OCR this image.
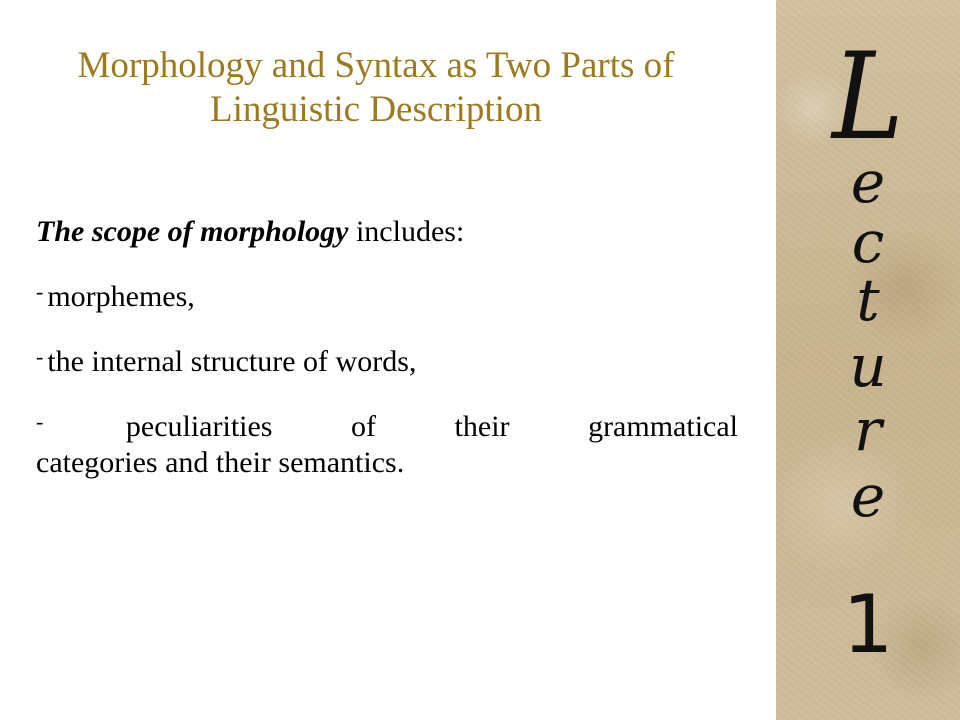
Morphology and Syntax as Two Parts of
Linguistic Description

The scope of morphology includes:

- morphemes,

- the internal structure of words,

-	peculiarities of their grammatical
categories and their semantics.

L
e
c
t
u
r
e
1
